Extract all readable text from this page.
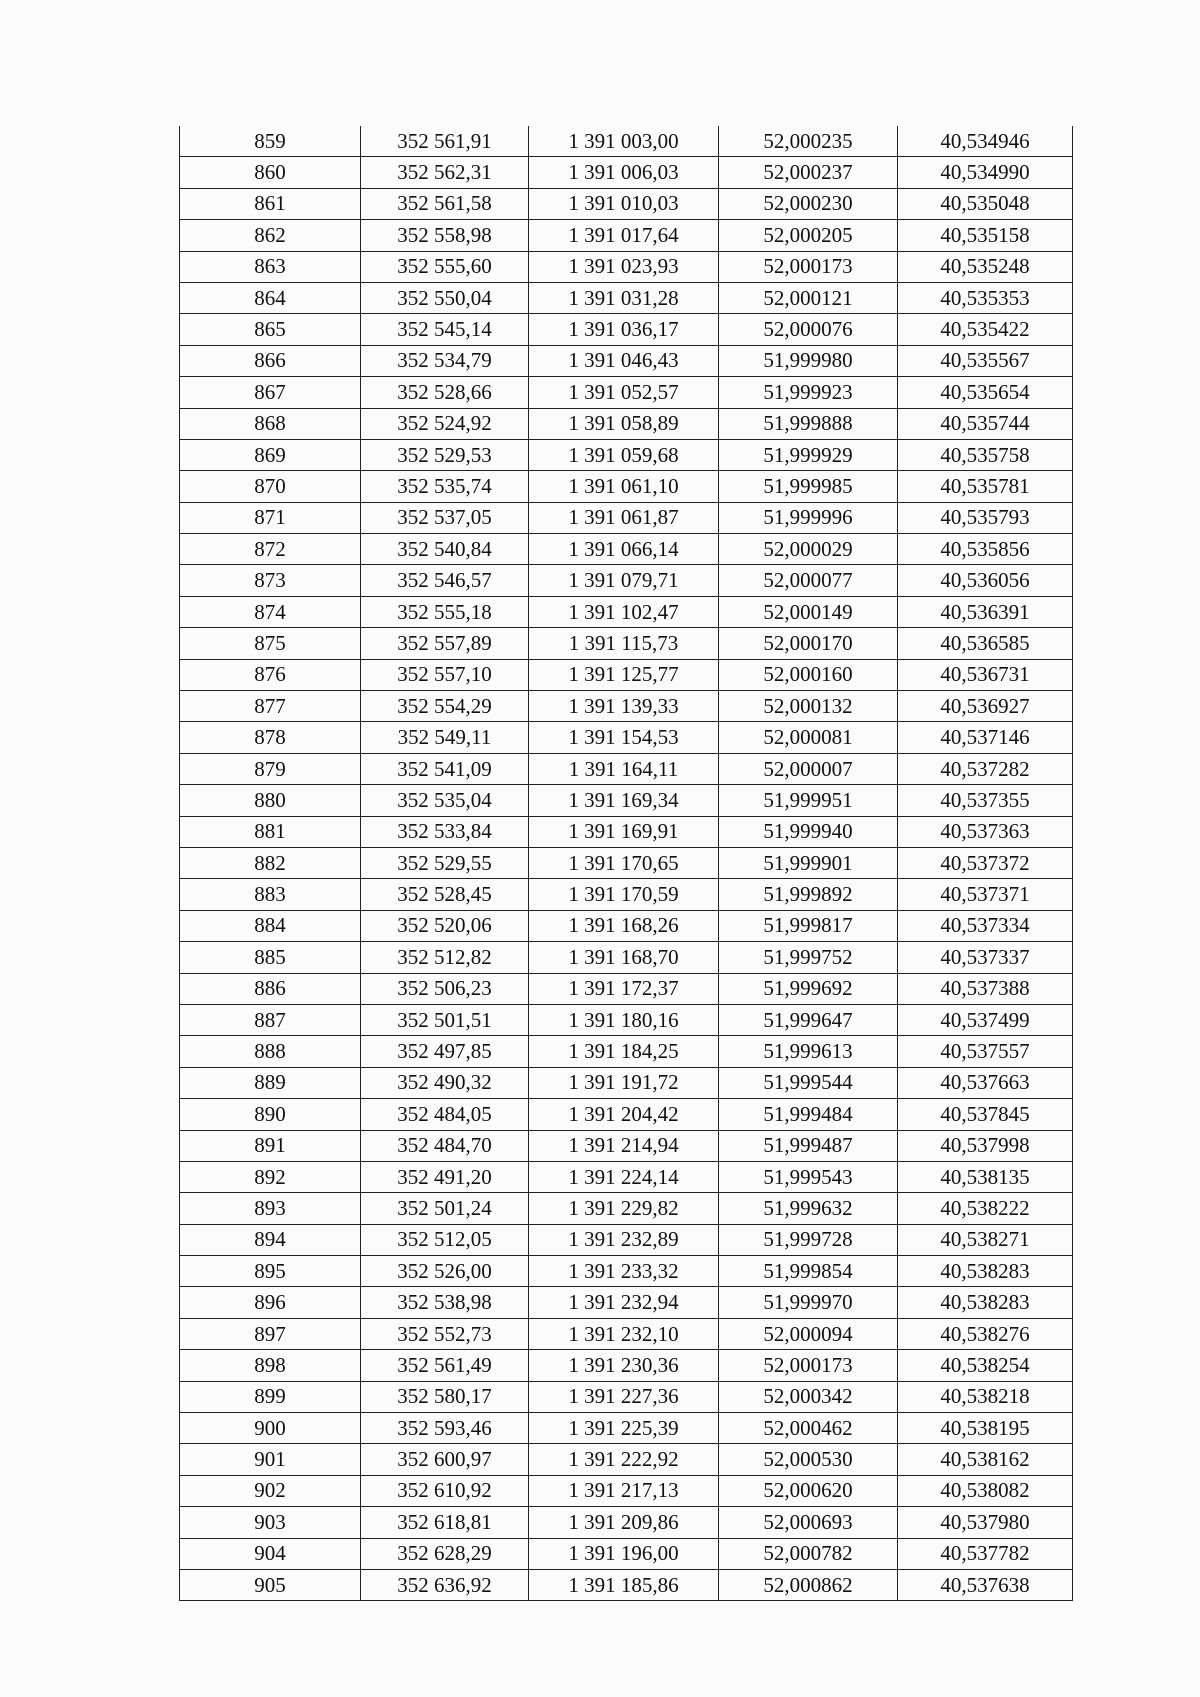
859	352 561,91	1 391 003,00	52,000235	40,534946
860	352 562,31	1 391 006,03	52,000237	40,534990
861	352 561,58	1 391 010,03	52,000230	40,535048
862	352 558,98	1 391 017,64	52,000205	40,535158
863	352 555,60	1 391 023,93	52,000173	40,535248
864	352 550,04	1 391 031,28	52,000121	40,535353
865	352 545,14	1 391 036,17	52,000076	40,535422
866	352 534,79	1 391 046,43	51,999980	40,535567
867	352 528,66	1 391 052,57	51,999923	40,535654
868	352 524,92	1 391 058,89	51,999888	40,535744
869	352 529,53	1 391 059,68	51,999929	40,535758
870	352 535,74	1 391 061,10	51,999985	40,535781
871	352 537,05	1 391 061,87	51,999996	40,535793
872	352 540,84	1 391 066,14	52,000029	40,535856
873	352 546,57	1 391 079,71	52,000077	40,536056
874	352 555,18	1 391 102,47	52,000149	40,536391
875	352 557,89	1 391 115,73	52,000170	40,536585
876	352 557,10	1 391 125,77	52,000160	40,536731
877	352 554,29	1 391 139,33	52,000132	40,536927
878	352 549,11	1 391 154,53	52,000081	40,537146
879	352 541,09	1 391 164,11	52,000007	40,537282
880	352 535,04	1 391 169,34	51,999951	40,537355
881	352 533,84	1 391 169,91	51,999940	40,537363
882	352 529,55	1 391 170,65	51,999901	40,537372
883	352 528,45	1 391 170,59	51,999892	40,537371
884	352 520,06	1 391 168,26	51,999817	40,537334
885	352 512,82	1 391 168,70	51,999752	40,537337
886	352 506,23	1 391 172,37	51,999692	40,537388
887	352 501,51	1 391 180,16	51,999647	40,537499
888	352 497,85	1 391 184,25	51,999613	40,537557
889	352 490,32	1 391 191,72	51,999544	40,537663
890	352 484,05	1 391 204,42	51,999484	40,537845
891	352 484,70	1 391 214,94	51,999487	40,537998
892	352 491,20	1 391 224,14	51,999543	40,538135
893	352 501,24	1 391 229,82	51,999632	40,538222
894	352 512,05	1 391 232,89	51,999728	40,538271
895	352 526,00	1 391 233,32	51,999854	40,538283
896	352 538,98	1 391 232,94	51,999970	40,538283
897	352 552,73	1 391 232,10	52,000094	40,538276
898	352 561,49	1 391 230,36	52,000173	40,538254
899	352 580,17	1 391 227,36	52,000342	40,538218
900	352 593,46	1 391 225,39	52,000462	40,538195
901	352 600,97	1 391 222,92	52,000530	40,538162
902	352 610,92	1 391 217,13	52,000620	40,538082
903	352 618,81	1 391 209,86	52,000693	40,537980
904	352 628,29	1 391 196,00	52,000782	40,537782
905	352 636,92	1 391 185,86	52,000862	40,537638
